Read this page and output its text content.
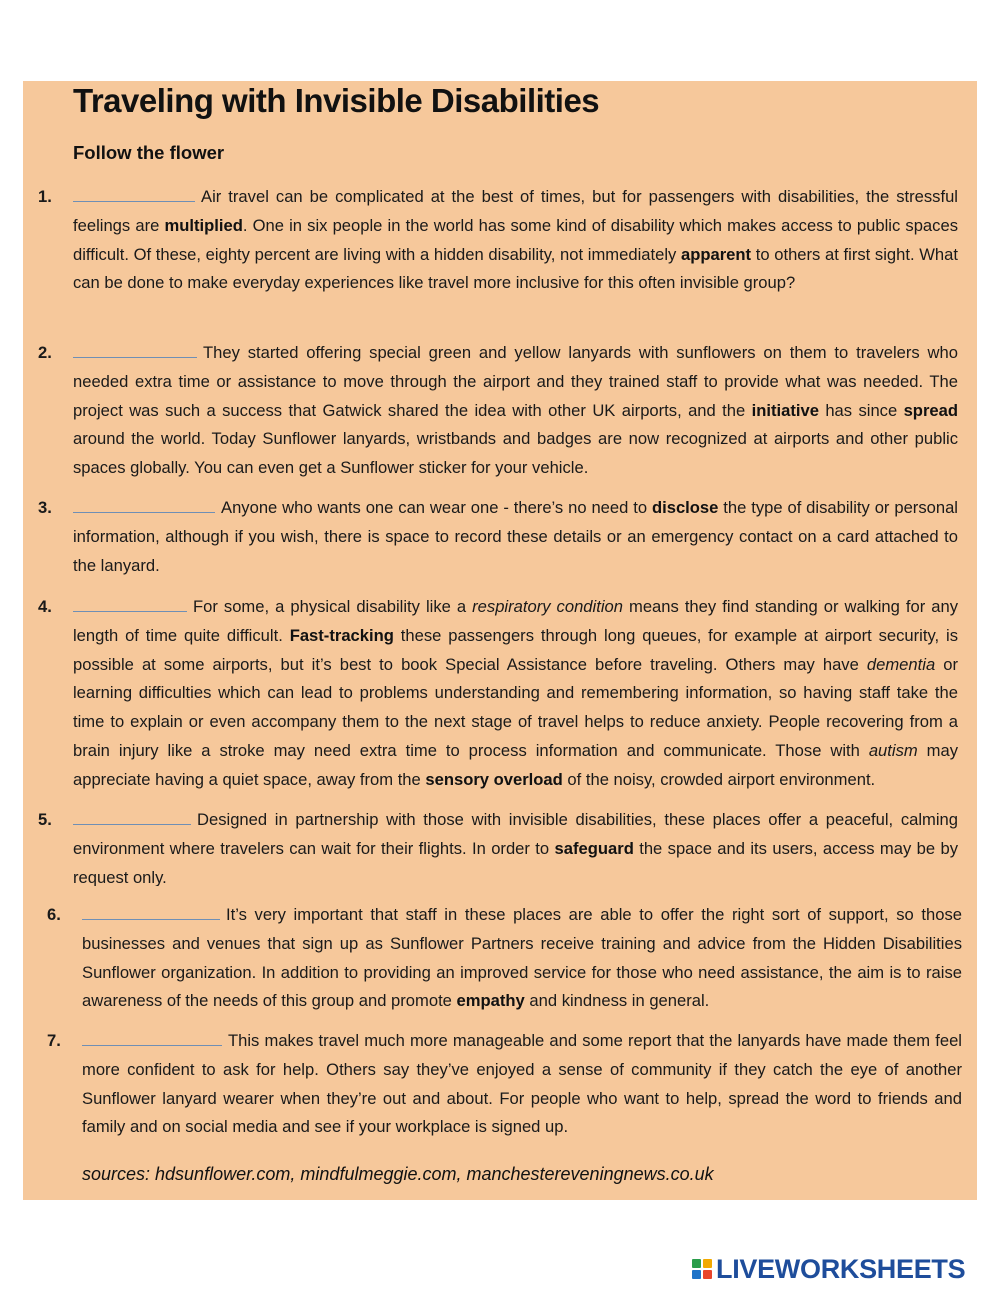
Traveling with Invisible Disabilities
Follow the flower
1.	Air travel can be complicated at the best of times, but for passengers with disabilities, the stressful feelings are multiplied. One in six people in the world has some kind of disability which makes access to public spaces difficult. Of these, eighty percent are living with a hidden disability, not immediately apparent to others at first sight. What can be done to make everyday experiences like travel more inclusive for this often invisible group?
2.	They started offering special green and yellow lanyards with sunflowers on them to travelers who needed extra time or assistance to move through the airport and they trained staff to provide what was needed. The project was such a success that Gatwick shared the idea with other UK airports, and the initiative has since spread around the world. Today Sunflower lanyards, wristbands and badges are now recognized at airports and other public spaces globally. You can even get a Sunflower sticker for your vehicle.
3.	Anyone who wants one can wear one - there’s no need to disclose the type of disability or personal information, although if you wish, there is space to record these details or an emergency contact on a card attached to the lanyard.
4.	For some, a physical disability like a respiratory condition means they find standing or walking for any length of time quite difficult. Fast-tracking these passengers through long queues, for example at airport security, is possible at some airports, but it’s best to book Special Assistance before traveling. Others may have dementia or learning difficulties which can lead to problems understanding and remembering information, so having staff take the time to explain or even accompany them to the next stage of travel helps to reduce anxiety. People recovering from a brain injury like a stroke may need extra time to process information and communicate. Those with autism may appreciate having a quiet space, away from the sensory overload of the noisy, crowded airport environment.
5.	Designed in partnership with those with invisible disabilities, these places offer a peaceful, calming environment where travelers can wait for their flights. In order to safeguard the space and its users, access may be by request only.
6.	It’s very important that staff in these places are able to offer the right sort of support, so those businesses and venues that sign up as Sunflower Partners receive training and advice from the Hidden Disabilities Sunflower organization. In addition to providing an improved service for those who need assistance, the aim is to raise awareness of the needs of this group and promote empathy and kindness in general.
7.	This makes travel much more manageable and some report that the lanyards have made them feel more confident to ask for help. Others say they’ve enjoyed a sense of community if they catch the eye of another Sunflower lanyard wearer when they’re out and about. For people who want to help, spread the word to friends and family and on social media and see if your workplace is signed up.
sources: hdsunflower.com, mindfulmeggie.com, manchestereveningnews.co.uk
LIVEWORKSHEETS
